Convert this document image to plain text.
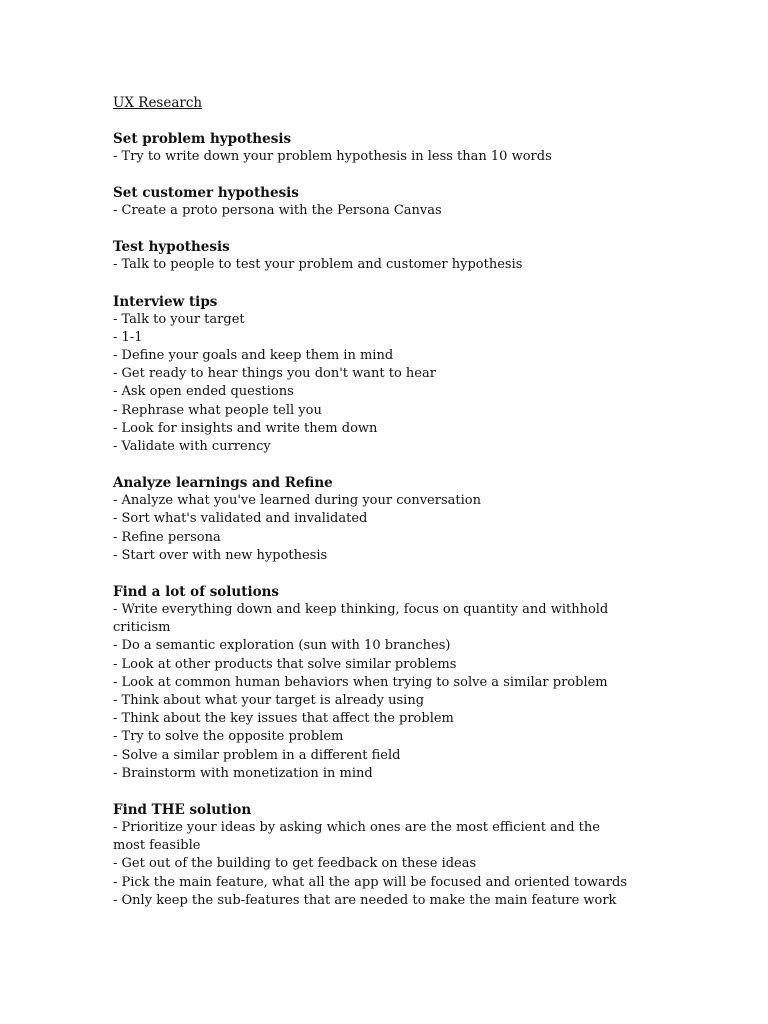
UX Research
Set problem hypothesis
- Try to write down your problem hypothesis in less than 10 words
Set customer hypothesis
- Create a proto persona with the Persona Canvas
Test hypothesis
- Talk to people to test your problem and customer hypothesis
Interview tips
- Talk to your target
- 1-1
- Define your goals and keep them in mind
- Get ready to hear things you don't want to hear
- Ask open ended questions
- Rephrase what people tell you
- Look for insights and write them down
- Validate with currency
Analyze learnings and Refine
- Analyze what you've learned during your conversation
- Sort what's validated and invalidated
- Refine persona
- Start over with new hypothesis
Find a lot of solutions
- Write everything down and keep thinking, focus on quantity and withhold criticism
- Do a semantic exploration (sun with 10 branches)
- Look at other products that solve similar problems
- Look at common human behaviors when trying to solve a similar problem
- Think about what your target is already using
- Think about the key issues that affect the problem
- Try to solve the opposite problem
- Solve a similar problem in a different field
- Brainstorm with monetization in mind
Find THE solution
- Prioritize your ideas by asking which ones are the most efficient and the most feasible
- Get out of the building to get feedback on these ideas
- Pick the main feature, what all the app will be focused and oriented towards
- Only keep the sub-features that are needed to make the main feature work
